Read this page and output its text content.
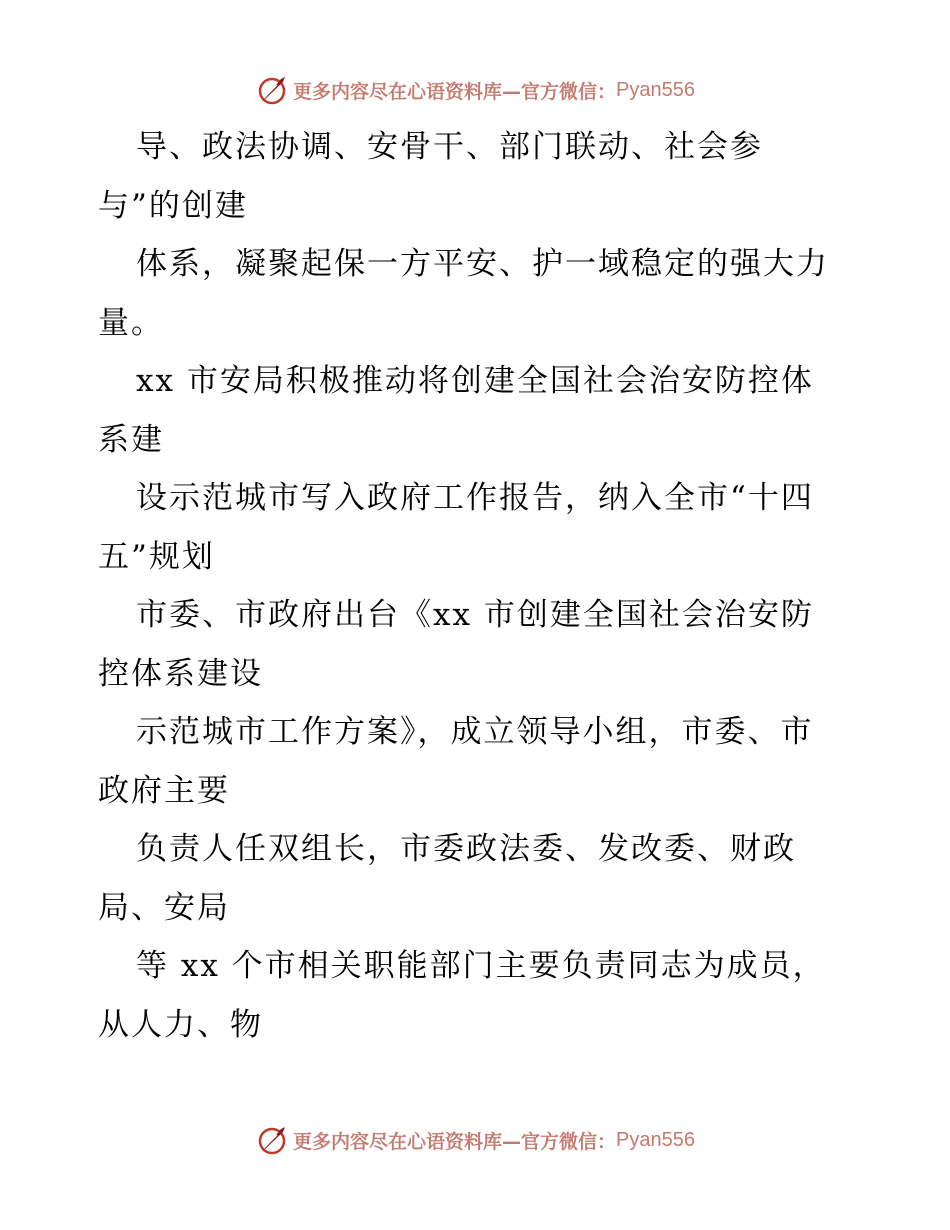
更多内容尽在心语资料库—官方微信： Pyan556
导、政法协调、安骨干、部门联动、社会参
与”的创建
体系，凝聚起保一方平安、护一域稳定的强大力
量。
xx 市安局积极推动将创建全国社会治安防控体
系建
设示范城市写入政府工作报告，纳入全市“十四
五”规划
市委、市政府出台《xx 市创建全国社会治安防
控体系建设
示范城市工作方案》，成立领导小组，市委、市
政府主要
负责人任双组长，市委政法委、发改委、财政
局、安局
等 xx 个市相关职能部门主要负责同志为成员，
从人力、物
更多内容尽在心语资料库—官方微信： Pyan556
